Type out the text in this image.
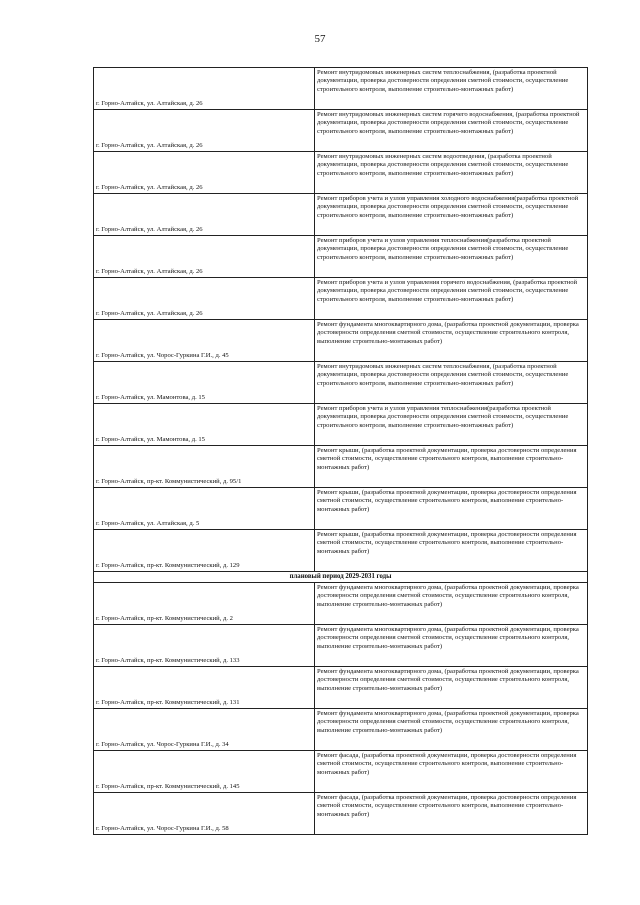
57
г. Горно-Алтайск, ул. Алтайская, д. 26	Ремонт внутридомовых инженерных систем теплоснабжения, (разработка проектной документации, проверка достоверности определения сметной стоимости, осуществление строительного контроля, выполнение строительно-монтажных работ)
г. Горно-Алтайск, ул. Алтайская, д. 26	Ремонт внутридомовых инженерных систем горячего водоснабжения, (разработка проектной документации, проверка достоверности определения сметной стоимости, осуществление строительного контроля, выполнение строительно-монтажных работ)
г. Горно-Алтайск, ул. Алтайская, д. 26	Ремонт внутридомовых инженерных систем водоотведения, (разработка проектной документации, проверка достоверности определения сметной стоимости, осуществление строительного контроля, выполнение строительно-монтажных работ)
г. Горно-Алтайск, ул. Алтайская, д. 26	Ремонт приборов учета и узлов управления холодного водоснабжения(разработка проектной документации, проверка достоверности определения сметной стоимости, осуществление строительного контроля, выполнение строительно-монтажных работ)
г. Горно-Алтайск, ул. Алтайская, д. 26	Ремонт приборов учета и узлов управления теплоснабжения(разработка проектной документации, проверка достоверности определения сметной стоимости, осуществление строительного контроля, выполнение строительно-монтажных работ)
г. Горно-Алтайск, ул. Алтайская, д. 26	Ремонт приборов учета и узлов управления горячего водоснабжения, (разработка проектной документации, проверка достоверности определения сметной стоимости, осуществление строительного контроля, выполнение строительно-монтажных работ)
г. Горно-Алтайск, ул. Чорос-Гуркина Г.И., д. 45	Ремонт фундамента многоквартирного дома, (разработка проектной документации, проверка достоверности определения сметной стоимости, осуществление строительного контроля, выполнение строительно-монтажных работ)
г. Горно-Алтайск, ул. Мамонтова, д. 15	Ремонт внутридомовых инженерных систем теплоснабжения, (разработка проектной документации, проверка достоверности определения сметной стоимости, осуществление строительного контроля, выполнение строительно-монтажных работ)
г. Горно-Алтайск, ул. Мамонтова, д. 15	Ремонт приборов учета и узлов управления теплоснабжения(разработка проектной документации, проверка достоверности определения сметной стоимости, осуществление строительного контроля, выполнение строительно-монтажных работ)
г. Горно-Алтайск, пр-кт. Коммунистический, д. 95/1	Ремонт крыши, (разработка проектной документации, проверка достоверности определения сметной стоимости, осуществление строительного контроля, выполнение строительно-монтажных работ)
г. Горно-Алтайск, ул. Алтайская, д. 5	Ремонт крыши, (разработка проектной документации, проверка достоверности определения сметной стоимости, осуществление строительного контроля, выполнение строительно-монтажных работ)
г. Горно-Алтайск, пр-кт. Коммунистический, д. 129	Ремонт крыши, (разработка проектной документации, проверка достоверности определения сметной стоимости, осуществление строительного контроля, выполнение строительно-монтажных работ)
плановый период 2029-2031 годы	
г. Горно-Алтайск, пр-кт. Коммунистический, д. 2	Ремонт фундамента многоквартирного дома, (разработка проектной документации, проверка достоверности определения сметной стоимости, осуществление строительного контроля, выполнение строительно-монтажных работ)
г. Горно-Алтайск, пр-кт. Коммунистический, д. 133	Ремонт фундамента многоквартирного дома, (разработка проектной документации, проверка достоверности определения сметной стоимости, осуществление строительного контроля, выполнение строительно-монтажных работ)
г. Горно-Алтайск, пр-кт. Коммунистический, д. 131	Ремонт фундамента многоквартирного дома, (разработка проектной документации, проверка достоверности определения сметной стоимости, осуществление строительного контроля, выполнение строительно-монтажных работ)
г. Горно-Алтайск, ул. Чорос-Гуркина Г.И., д. 34	Ремонт фундамента многоквартирного дома, (разработка проектной документации, проверка достоверности определения сметной стоимости, осуществление строительного контроля, выполнение строительно-монтажных работ)
г. Горно-Алтайск, пр-кт. Коммунистический, д. 145	Ремонт фасада, (разработка проектной документации, проверка достоверности определения сметной стоимости, осуществление строительного контроля, выполнение строительно-монтажных работ)
г. Горно-Алтайск, ул. Чорос-Гуркина Г.И., д. 58	Ремонт фасада, (разработка проектной документации, проверка достоверности определения сметной стоимости, осуществление строительного контроля, выполнение строительно-монтажных работ)
